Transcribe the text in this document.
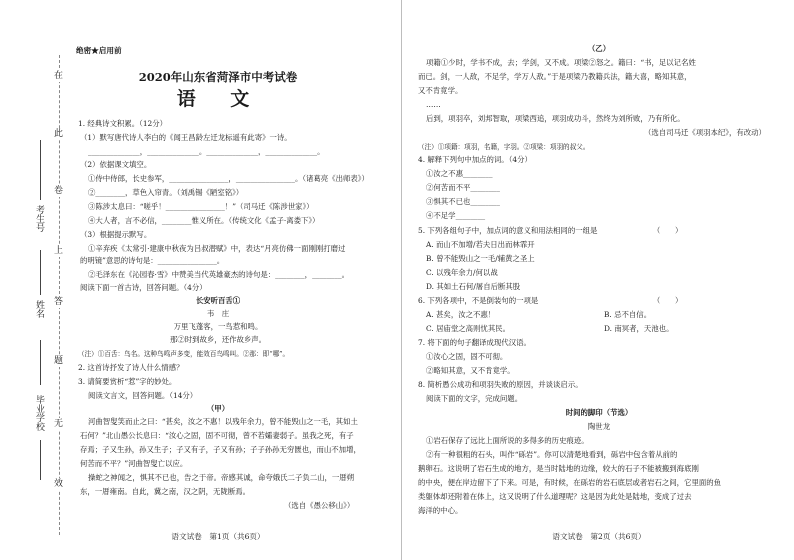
在
此
卷
上
答
题
无
效
考生号
姓名
毕业学校
绝密★启用前
2020年山东省菏泽市中考试卷
语 文
1. 经典诗文积累。（12分）
（1）默写唐代诗人李白的《闻王昌龄左迁龙标遥有此寄》一诗。
______________，______________。______________，______________。
（2）依据课文填空。
①侍中侍郎，长史参军，________________，________________。（诸葛亮《出师表》）
②________，草色入帘青。（刘禹锡《陋室铭》）
③陈涉太息曰：“嗟乎！________________！”（司马迁《陈涉世家》）
④大人者，言不必信，________惟义所在。（传统文化《孟子·离娄下》）
（3）根据提示默写。
①辛弃疾《太常引·建康中秋夜为吕叔潜赋》中，表达“月亮仿佛一面刚刚打磨过
的明镜”意思的诗句是：________________。
②毛泽东在《沁园春·雪》中赞美当代英雄豪杰的诗句是：________，________。
阅读下面一首古诗，回答问题。（4分）
长安听百舌①
韦　庄
万里飞蓬客，一鸟惹和鸣。
那②时到故乡，还作故乡声。
（注）①百舌：鸟名。这种鸟鸣声多变，能效百鸟鸣叫。②那：即“哪”。
2. 这首诗抒发了诗人什么情感？
3. 请简要赏析“惹”字的妙处。
阅读文言文，回答问题。（14分）
（甲）
河曲智叟笑而止之曰：“甚矣，汝之不惠！以残年余力，曾不能毁山之一毛，其如土
石何？”北山愚公长息曰：“汝心之固，固不可彻，曾不若孀妻弱子。虽我之死，有子
存焉；子又生孙，孙又生子；子又有子，子又有孙；子子孙孙无穷匮也，而山不加增，
何苦而不平？”河曲智叟亡以应。
操蛇之神闻之，惧其不已也，告之于帝。帝感其诚，命夸娥氏二子负二山，一厝朔
东，一厝雍南。自此，冀之南，汉之阴，无陇断焉。
（选自《愚公移山》）
语文试卷　第1页（共6页）
（乙）
项籍①少时，学书不成，去；学剑，又不成。项梁②怒之。籍曰：“书，足以记名姓
而已。剑，一人敌，不足学，学万人敌。”于是项梁乃教籍兵法，籍大喜，略知其意，
又不肯竟学。
……
后到，项羽卒，刘邦智取，项梁西追，项羽成功斗，然终为刘所败，乃有所化。
（选自司马迁《项羽本纪》，有改动）
（注）①项籍：项羽，名籍，字羽。②项梁：项羽的叔父。
4. 解释下列句中加点的词。（4分）
①汝之不惠________
②何苦而不平________
③惧其不已也________
④不足学________
5. 下列各组句子中，加点词的意义和用法相同的一组是　　　　　　　　（　　）
A. 而山不加增/若夫日出而林霏开
B. 曾不能毁山之一毛/辅黄之圣上
C. 以残年余力/何以战
D. 其如土石何/屠自后断其股
6. 下列各项中，不是倒装句的一项是　　　　　　　　　　　　　　　　（　　）
A. 甚矣，汝之不惠！	B. 忌不自信。
C. 居庙堂之高则忧其民。	D. 南冥者，天池也。
7. 将下面的句子翻译成现代汉语。
①汝心之固，固不可彻。
②略知其意，又不肯竟学。
8. 简析愚公成功和项羽失败的原因，并谈谈启示。
阅读下面的文字，完成问题。
时间的脚印（节选）
陶世龙
①岩石保存了远比上面所说的多得多的历史痕迹。
②有一种很粗的石头，叫作“砾岩”。你可以清楚地看到，砾岩中包含着从前的
鹅卵石。这说明了岩石生成的地方，是当时陆地的边缘，较大的石子不能被搬到海底刚
的中央，便在岸边留下了下来。可是，有时候，在砾岩的岩石底层或者岩石之间，它里面的鱼
类躯体却还附着在体上，这又说明了什么道理呢？这是因为此处是陆地，变成了过去
海洋的中心。
语文试卷　第2页（共6页）
